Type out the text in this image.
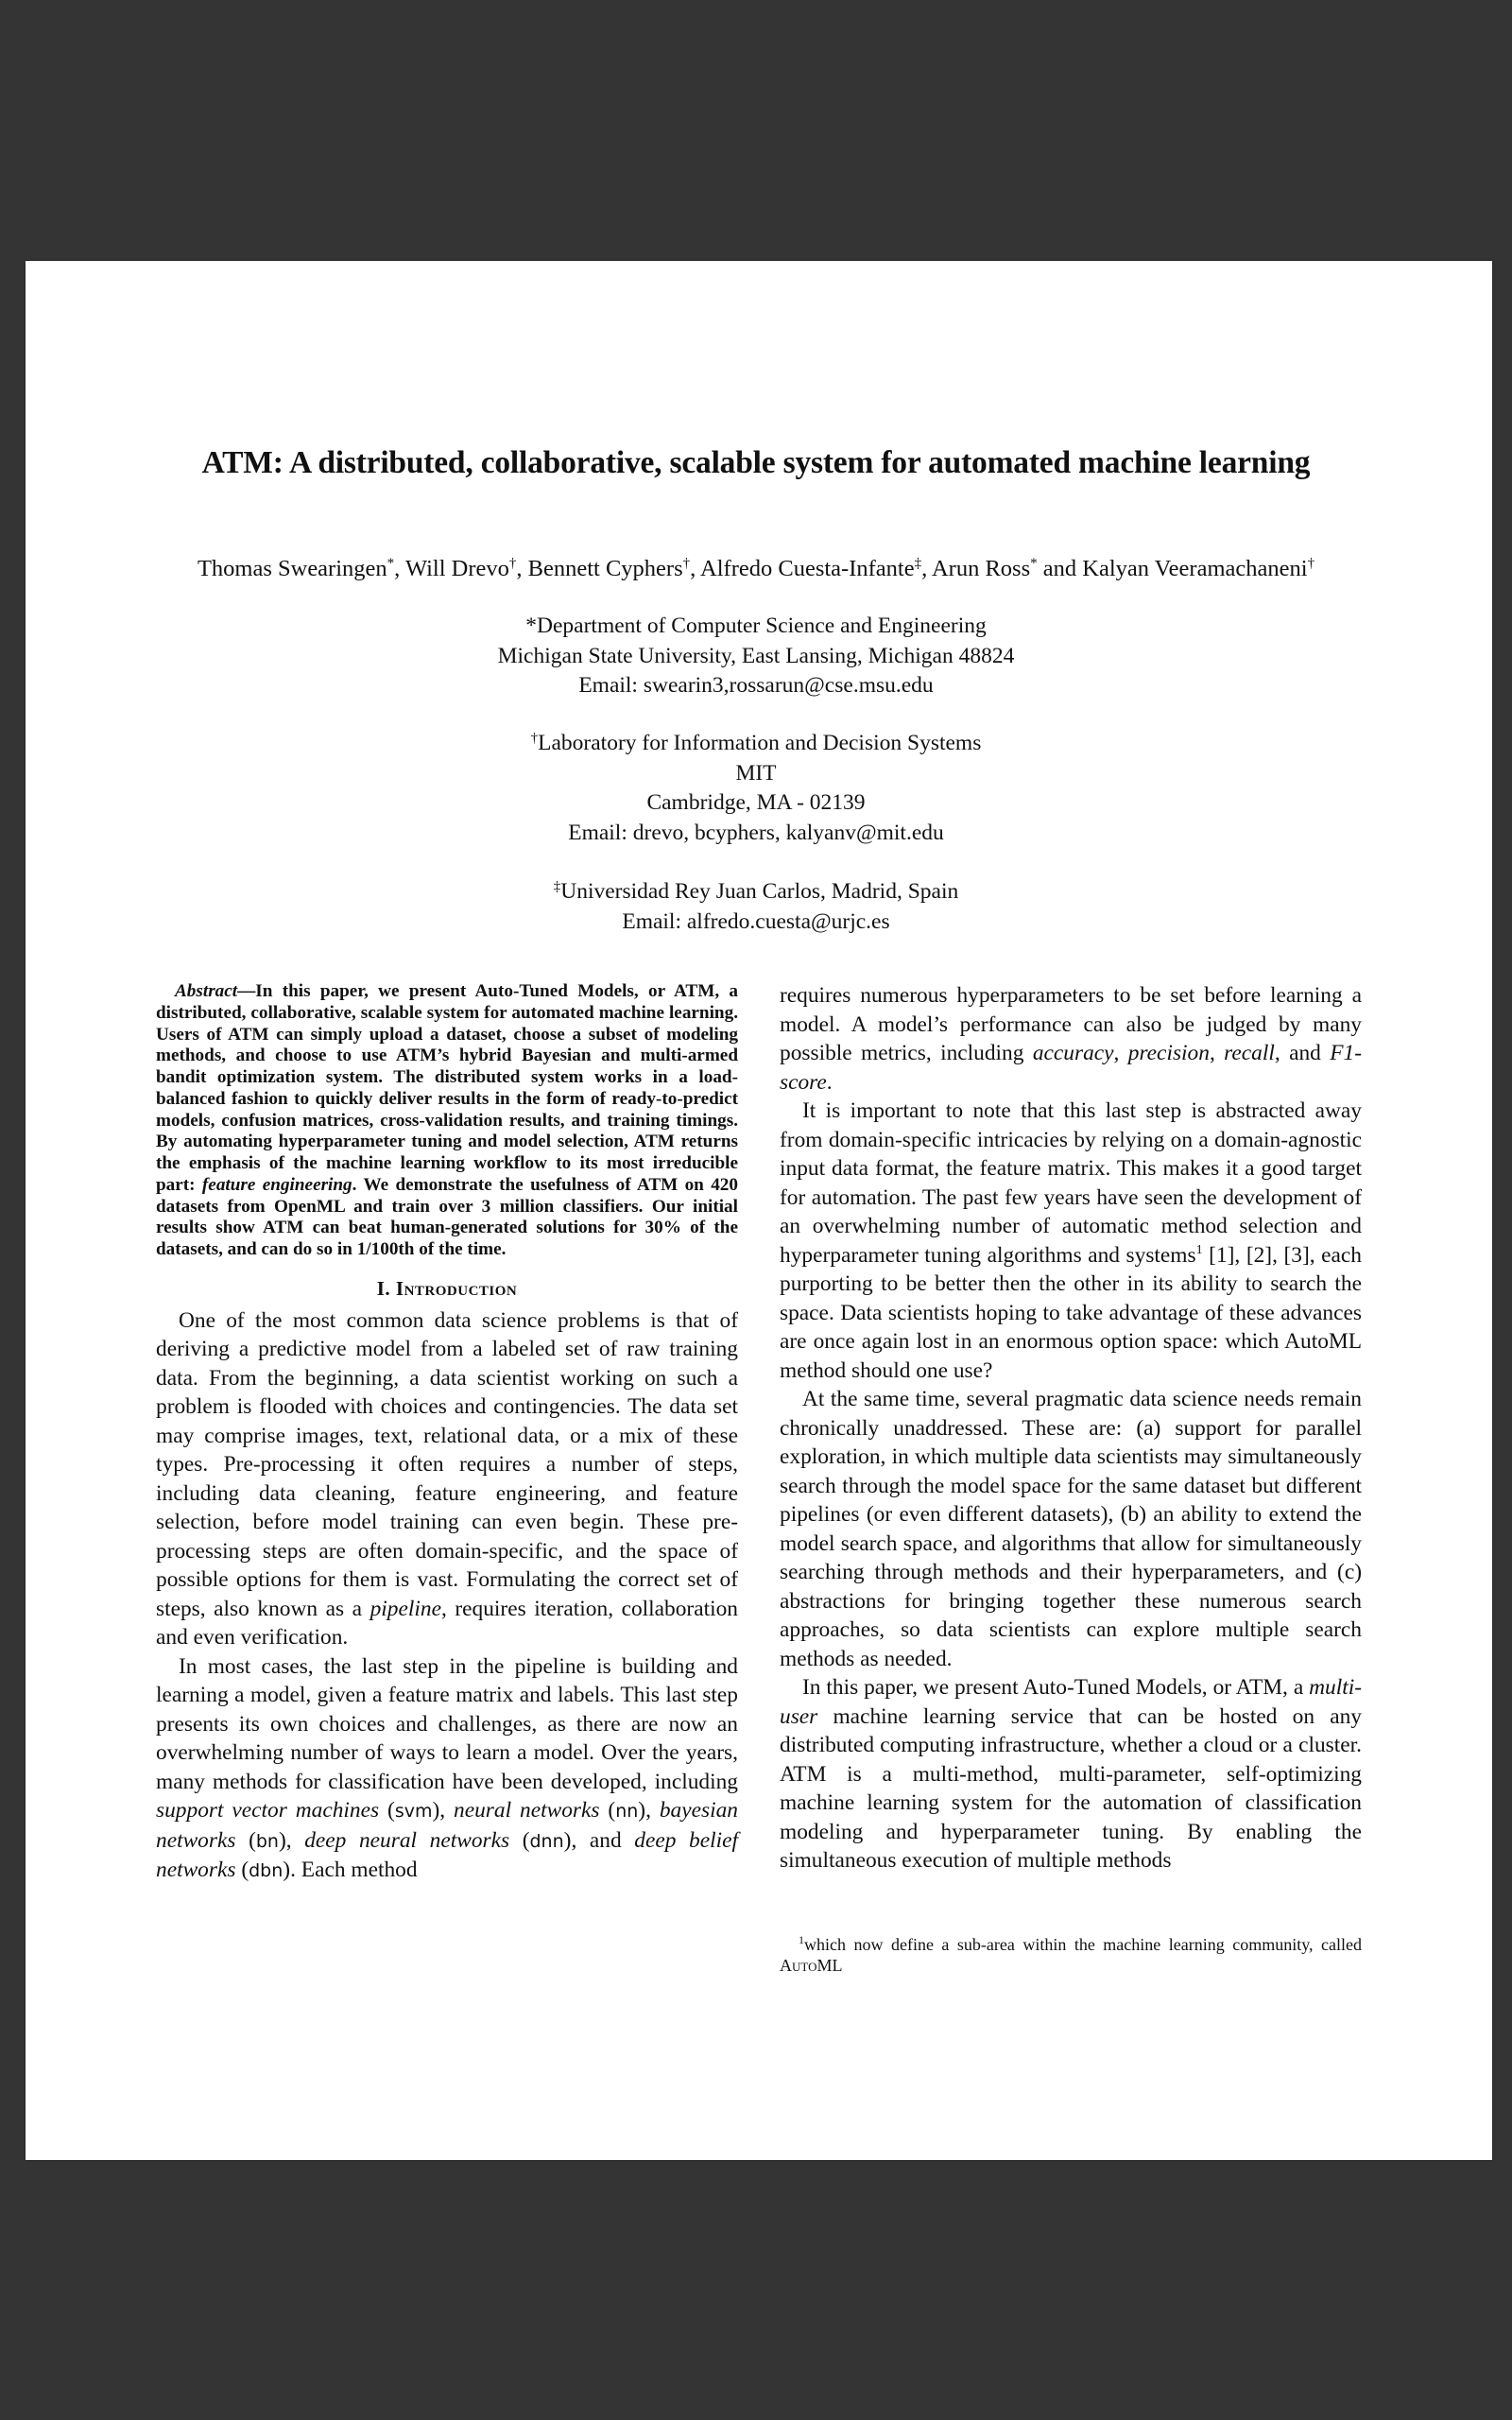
ATM: A distributed, collaborative, scalable system for automated machine learning
Thomas Swearingen*, Will Drevo†, Bennett Cyphers†, Alfredo Cuesta-Infante‡, Arun Ross* and Kalyan Veeramachaneni†
*Department of Computer Science and Engineering
Michigan State University, East Lansing, Michigan 48824
Email: swearin3,rossarun@cse.msu.edu
†Laboratory for Information and Decision Systems
MIT
Cambridge, MA - 02139
Email: drevo, bcyphers, kalyanv@mit.edu
‡Universidad Rey Juan Carlos, Madrid, Spain
Email: alfredo.cuesta@urjc.es

Abstract—In this paper, we present Auto-Tuned Models, or ATM, a distributed, collaborative, scalable system for automated machine learning. Users of ATM can simply upload a dataset, choose a subset of modeling methods, and choose to use ATM’s hybrid Bayesian and multi-armed bandit optimization system. The distributed system works in a load-balanced fashion to quickly deliver results in the form of ready-to-predict models, confusion matrices, cross-validation results, and training timings. By automating hyperparameter tuning and model selection, ATM returns the emphasis of the machine learning workflow to its most irreducible part: feature engineering. We demonstrate the usefulness of ATM on 420 datasets from OpenML and train over 3 million classifiers. Our initial results show ATM can beat human-generated solutions for 30% of the datasets, and can do so in 1/100th of the time.

I. Introduction

One of the most common data science problems is that of deriving a predictive model from a labeled set of raw training data. From the beginning, a data scientist working on such a problem is flooded with choices and contingencies. The data set may comprise images, text, relational data, or a mix of these types. Pre-processing it often requires a number of steps, including data cleaning, feature engineering, and feature selection, before model training can even begin. These pre-processing steps are often domain-specific, and the space of possible options for them is vast. Formulating the correct set of steps, also known as a pipeline, requires iteration, collaboration and even verification.

In most cases, the last step in the pipeline is building and learning a model, given a feature matrix and labels. This last step presents its own choices and challenges, as there are now an overwhelming number of ways to learn a model. Over the years, many methods for classification have been developed, including support vector machines (svm), neural networks (nn), bayesian networks (bn), deep neural networks (dnn), and deep belief networks (dbn). Each method

requires numerous hyperparameters to be set before learning a model. A model’s performance can also be judged by many possible metrics, including accuracy, precision, recall, and F1-score.

It is important to note that this last step is abstracted away from domain-specific intricacies by relying on a domain-agnostic input data format, the feature matrix. This makes it a good target for automation. The past few years have seen the development of an overwhelming number of automatic method selection and hyperparameter tuning algorithms and systems$^1$ [1], [2], [3], each purporting to be better then the other in its ability to search the space. Data scientists hoping to take advantage of these advances are once again lost in an enormous option space: which AutoML method should one use?

At the same time, several pragmatic data science needs remain chronically unaddressed. These are: (a) support for parallel exploration, in which multiple data scientists may simultaneously search through the model space for the same dataset but different pipelines (or even different datasets), (b) an ability to extend the model search space, and algorithms that allow for simultaneously searching through methods and their hyperparameters, and (c) abstractions for bringing together these numerous search approaches, so data scientists can explore multiple search methods as needed.

In this paper, we present Auto-Tuned Models, or ATM, a multi-user machine learning service that can be hosted on any distributed computing infrastructure, whether a cloud or a cluster. ATM is a multi-method, multi-parameter, self-optimizing machine learning system for the automation of classification modeling and hyperparameter tuning. By enabling the simultaneous execution of multiple methods

$^1$which now define a sub-area within the machine learning community, called AutoML
